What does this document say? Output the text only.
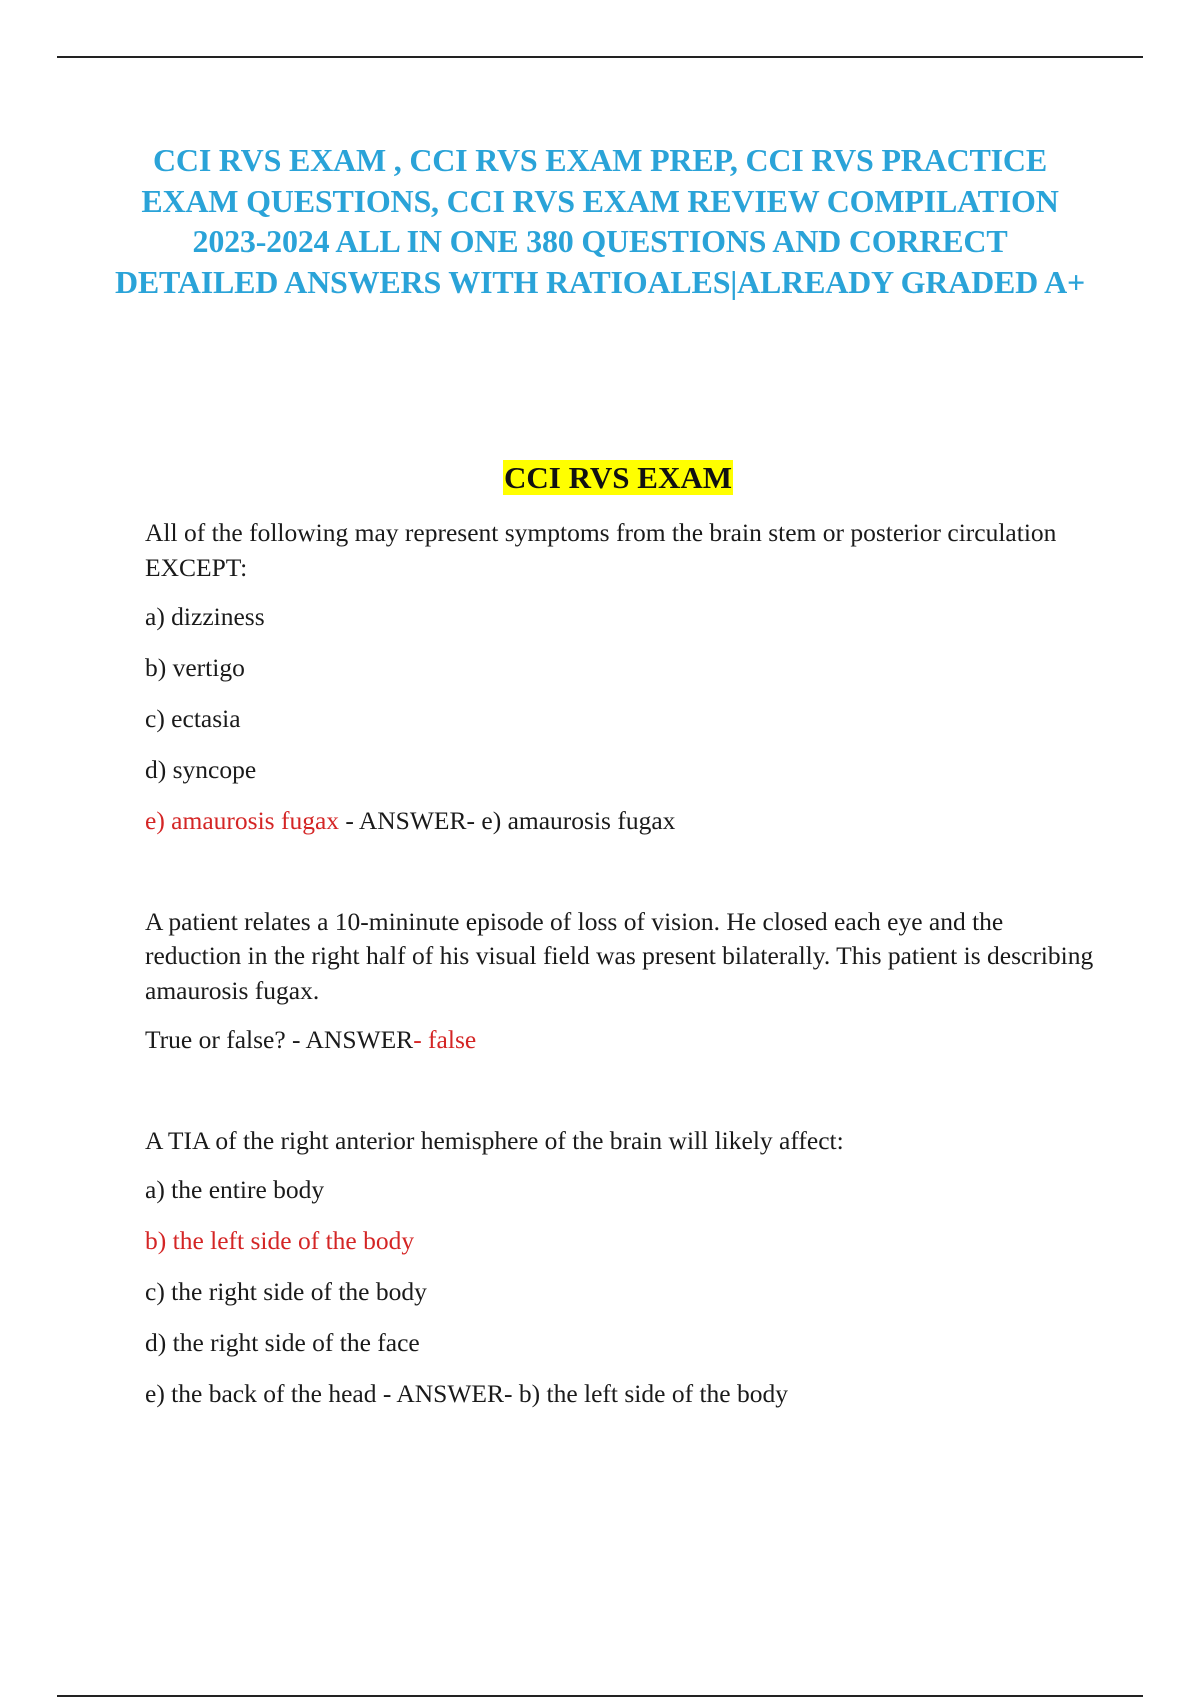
CCI RVS EXAM , CCI RVS EXAM PREP, CCI RVS PRACTICE EXAM QUESTIONS, CCI RVS EXAM REVIEW COMPILATION 2023-2024 ALL IN ONE 380 QUESTIONS AND CORRECT DETAILED ANSWERS WITH RATIOALES|ALREADY GRADED A+
CCI RVS EXAM

All of the following may represent symptoms from the brain stem or posterior circulation EXCEPT:

a) dizziness

b) vertigo

c) ectasia

d) syncope

e) amaurosis fugax - ANSWER- e) amaurosis fugax

A patient relates a 10-mininute episode of loss of vision. He closed each eye and the reduction in the right half of his visual field was present bilaterally. This patient is describing amaurosis fugax.

True or false? - ANSWER- false

A TIA of the right anterior hemisphere of the brain will likely affect:

a) the entire body

b) the left side of the body

c) the right side of the body

d) the right side of the face

e) the back of the head - ANSWER- b) the left side of the body
